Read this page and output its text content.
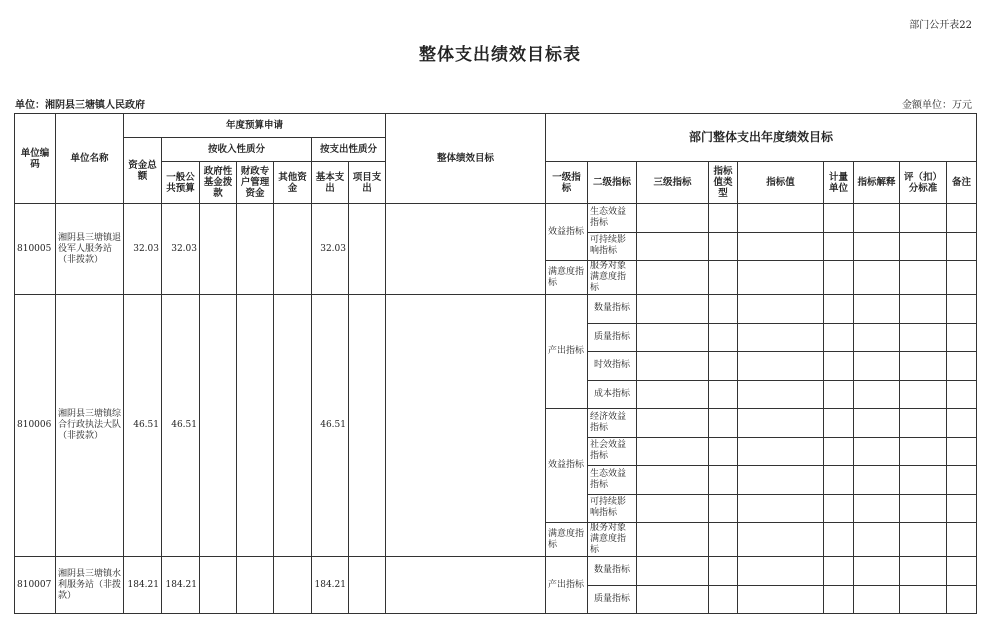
部门公开表22
整体支出绩效目标表
单位：湘阴县三塘镇人民政府	金额单位：万元
单位编码	单位名称	年度预算申请							整体绩效目标	部门整体支出年度绩效目标								
		资金总额	按收入性质分				按支出性质分											
			一般公共预算	政府性基金拨款	财政专户管理资金	其他资金	基本支出	项目支出		一级指标	二级指标	三级指标	指标值类型	指标值	计量单位	指标解释	评（扣）分标准	备注
810005	湘阴县三塘镇退役军人服务站（非拨款）	32.03	32.03				32.03			效益指标	生态效益指标							
											可持续影响指标							
										满意度指标	服务对象满意度指标							
810006	湘阴县三塘镇综合行政执法大队（非拨款）	46.51	46.51				46.51			产出指标	数量指标							
											质量指标							
											时效指标							
											成本指标							
										效益指标	经济效益指标							
											社会效益指标							
											生态效益指标							
											可持续影响指标							
										满意度指标	服务对象满意度指标							
810007	湘阴县三塘镇水利服务站（非拨款）	184.21	184.21				184.21			产出指标	数量指标							
											质量指标							
